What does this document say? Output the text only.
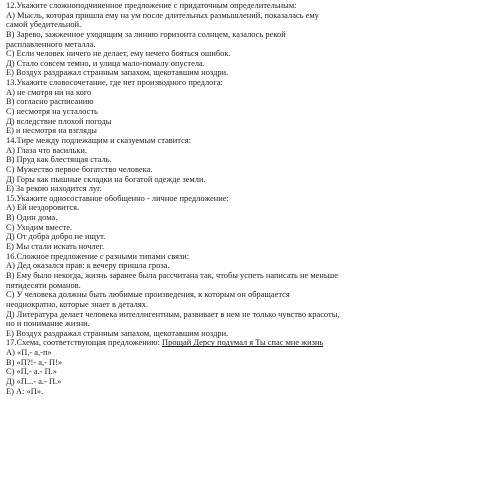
12.Укажите сложноподчиненное предложение с придаточным определительным:
А) Мысль, которая пришла ему на ум после длительных размышлений, показалась ему
самой убедительной.
В) Зарево, зажженное уходящим за линию горизонта солнцем, казалось рекой
расплавленного металла.
С) Если человек ничего не делает, ему нечего бояться ошибок.
Д) Стало совсем темно, и улица мало-помалу опустела.
Е) Воздух раздражал странным запахом, щекотавшим ноздри.
13.Укажите словосочетание, где нет производного предлога:
А) не смотря ни на кого
В) согласно расписанию
С) несмотря на усталость
Д) вследствие плохой погоды
Е) и несмотря на взгляды
14.Тире между подлежащим и сказуемым ставится:
А) Глаза что васильки.
В) Пруд как блестящая сталь.
С) Мужество первое богатство человека.
Д) Горы как пышные складки на богатой одежде земли.
Е) За рекою находится луг.
15.Укажите односоставное обобщенно - личное предложение:
А) Ей нездоровится.
В) Один дома.
С) Уходим вместе.
Д) От добра добро не ищут.
Е) Мы стали искать ночлег.
16.Сложное предложение с разными типами связи:
А) Дед оказался прав: к вечеру пришла гроза.
В) Ему было некогда, жизнь заранее была рассчитана так, чтобы успеть написать не меньше
пятидесяти романов.
С) У человека должны быть любимые произведения, к которым он обращается
неоднократно, которые знает в деталях.
Д) Литература делает человека интеллигентным, развивает в нем не только чувство красоты,
но и понимание жизни.
Е) Воздух раздражал странным запахом, щекотавшим ноздри.
17.Схема, соответствующая предложению: Прощай Дерсу подумал я Ты спас мне жизнь
А) «П,- а,-п»
В) «П?!- а,- П!»
С) «П,- а.- П.»
Д) «П...- а.- П.»
Е) А: «П».
